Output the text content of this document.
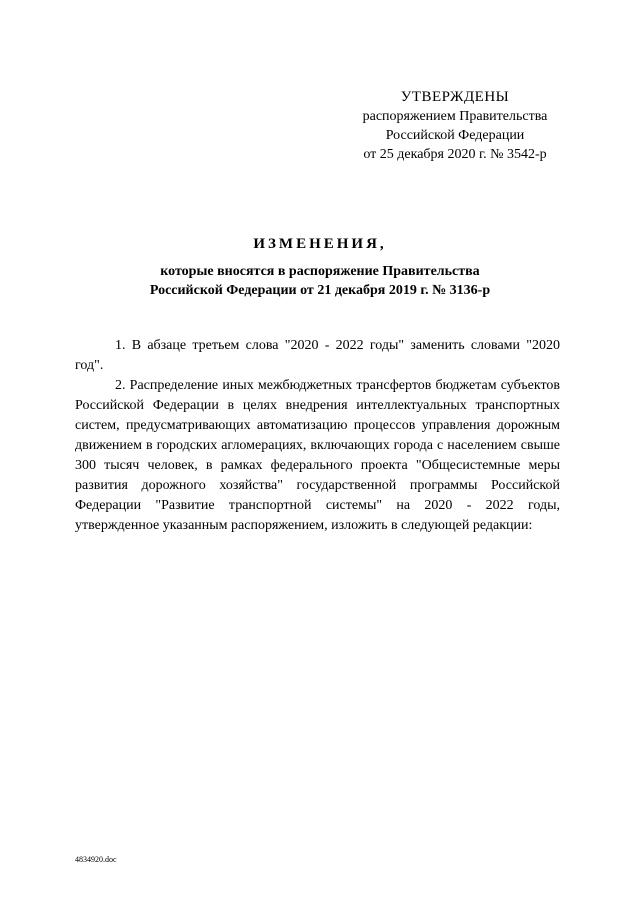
УТВЕРЖДЕНЫ
распоряжением Правительства
Российской Федерации
от 25 декабря 2020 г. № 3542-р
ИЗМЕНЕНИЯ,
которые вносятся в распоряжение Правительства
Российской Федерации от 21 декабря 2019 г. № 3136-р

1. В абзаце третьем слова "2020 - 2022 годы" заменить словами "2020 год".

2. Распределение иных межбюджетных трансфертов бюджетам субъектов Российской Федерации в целях внедрения интеллектуальных транспортных систем, предусматривающих автоматизацию процессов управления дорожным движением в городских агломерациях, включающих города с населением свыше 300 тысяч человек, в рамках федерального проекта "Общесистемные меры развития дорожного хозяйства" государственной программы Российской Федерации "Развитие транспортной системы" на 2020 - 2022 годы, утвержденное указанным распоряжением, изложить в следующей редакции:

4834920.doc
